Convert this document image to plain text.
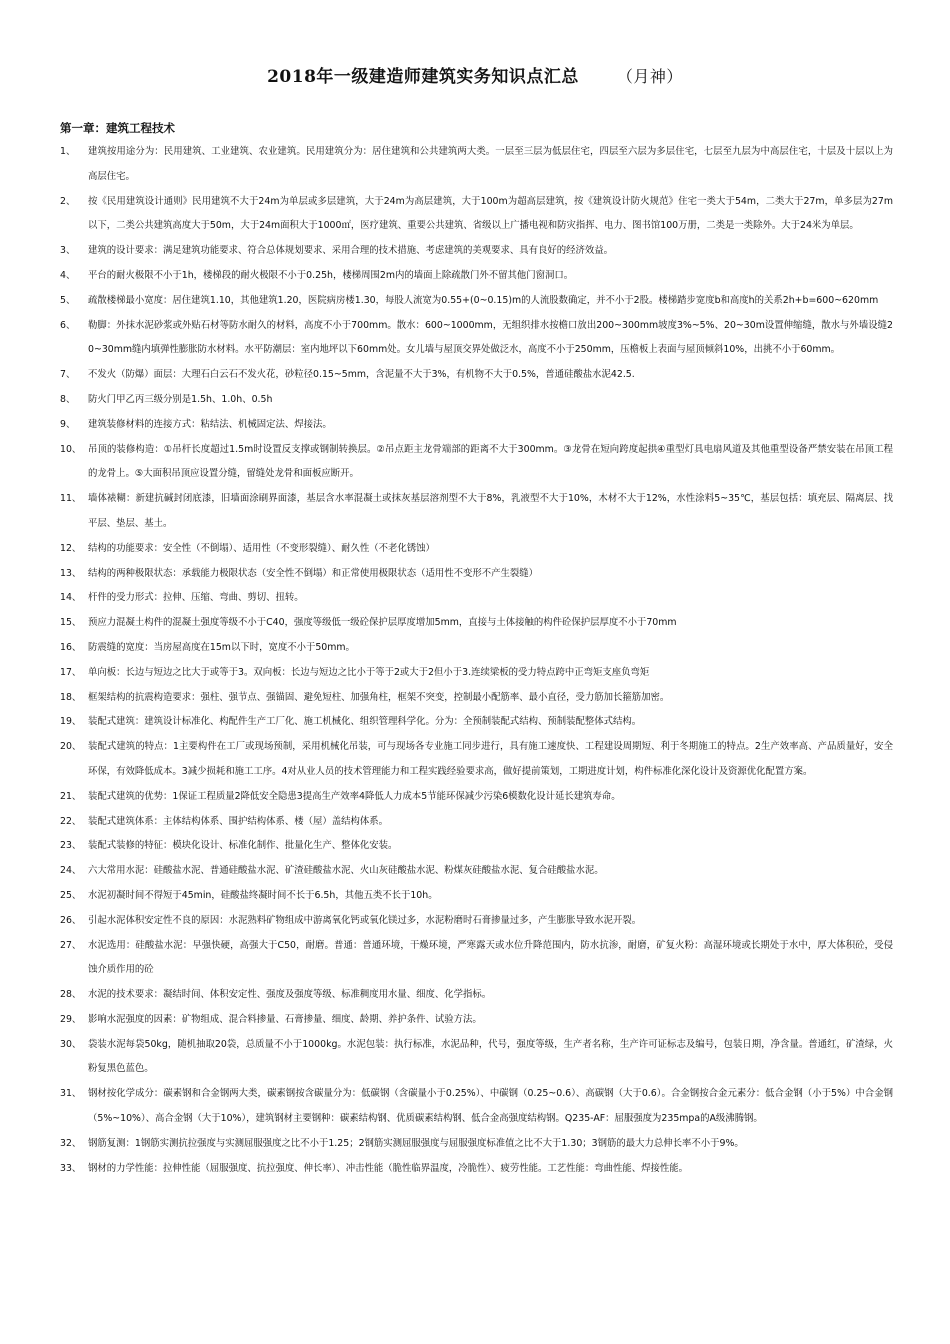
2018年一级建造师建筑实务知识点汇总 （月神）
第一章：建筑工程技术
1、	建筑按用途分为：民用建筑、工业建筑、农业建筑。民用建筑分为：居住建筑和公共建筑两大类。一层至三层为低层住宅，四层至六层为多层住宅，七层至九层为中高层住宅，十层及十层以上为高层住宅。
2、	按《民用建筑设计通则》民用建筑不大于24m为单层或多层建筑，大于24m为高层建筑，大于100m为超高层建筑，按《建筑设计防火规范》住宅一类大于54m，二类大于27m，单多层为27m以下，二类公共建筑高度大于50m，大于24m面积大于1000㎡，医疗建筑、重要公共建筑、省级以上广播电视和防灾指挥、电力、图书馆100万册，二类是一类除外。大于24米为单层。
3、	建筑的设计要求：满足建筑功能要求、符合总体规划要求、采用合理的技术措施、考虑建筑的美观要求、具有良好的经济效益。
4、	平台的耐火极限不小于1h，楼梯段的耐火极限不小于0.25h，楼梯周围2m内的墙面上除疏散门外不留其他门窗洞口。
5、	疏散楼梯最小宽度：居住建筑1.10，其他建筑1.20，医院病房楼1.30，每股人流宽为0.55+(0~0.15)m的人流股数确定，并不小于2股。楼梯踏步宽度b和高度h的关系2h+b=600~620mm
6、	勒脚：外抹水泥砂浆或外贴石材等防水耐久的材料，高度不小于700mm。散水：600~1000mm，无组织排水按檐口放出200~300mm坡度3%~5%、20~30m设置伸缩缝，散水与外墙设缝20~30mm缝内填弹性膨胀防水材料。水平防潮层：室内地坪以下60mm处。女儿墙与屋顶交界处做泛水，高度不小于250mm，压檐板上表面与屋顶倾斜10%，出挑不小于60mm。
7、	不发火（防爆）面层：大理石白云石不发火花，砂粒径0.15~5mm，含泥量不大于3%，有机物不大于0.5%，普通硅酸盐水泥42.5.
8、	防火门甲乙丙三级分别是1.5h、1.0h、0.5h
9、	建筑装修材料的连接方式：粘结法、机械固定法、焊接法。
10、 吊顶的装修构造：①吊杆长度超过1.5m时设置反支撑或钢制转换层。②吊点距主龙骨端部的距离不大于300mm。③龙骨在短向跨度起拱④重型灯具电扇风道及其他重型设备严禁安装在吊顶工程的龙骨上。⑤大面积吊顶应设置分缝，留缝处龙骨和面板应断开。
11、 墙体裱糊：新建抗碱封闭底漆，旧墙面涂刷界面漆，基层含水率混凝土或抹灰基层溶剂型不大于8%，乳液型不大于10%，木材不大于12%，水性涂料5~35℃，基层包括：填充层、隔离层、找平层、垫层、基土。
12、 结构的功能要求：安全性（不倒塌）、适用性（不变形裂缝）、耐久性（不老化锈蚀）
13、 结构的两种极限状态：承载能力极限状态（安全性不倒塌）和正常使用极限状态（适用性不变形不产生裂缝）
14、 杆件的受力形式：拉伸、压缩、弯曲、剪切、扭转。
15、 预应力混凝土构件的混凝土强度等级不小于C40，强度等级低一级砼保护层厚度增加5mm，直接与土体接触的构件砼保护层厚度不小于70mm
16、 防震缝的宽度：当房屋高度在15m以下时，宽度不小于50mm。
17、 单向板：长边与短边之比大于或等于3。双向板：长边与短边之比小于等于2或大于2但小于3.连续梁板的受力特点跨中正弯矩支座负弯矩
18、 框架结构的抗震构造要求：强柱、强节点、强锚固、避免短柱、加强角柱，框架不突变，控制最小配筋率、最小直径，受力筋加长箍筋加密。
19、 装配式建筑：建筑设计标准化、构配件生产工厂化、施工机械化、组织管理科学化。分为：全预制装配式结构、预制装配整体式结构。
20、 装配式建筑的特点：1主要构件在工厂或现场预制，采用机械化吊装，可与现场各专业施工同步进行，具有施工速度快、工程建设周期短、利于冬期施工的特点。2生产效率高、产品质量好，安全环保，有效降低成本。3减少损耗和施工工序。4对从业人员的技术管理能力和工程实践经验要求高，做好提前策划，工期进度计划，构件标准化深化设计及资源优化配置方案。
21、 装配式建筑的优势：1保证工程质量2降低安全隐患3提高生产效率4降低人力成本5节能环保减少污染6模数化设计延长建筑寿命。
22、 装配式建筑体系：主体结构体系、围护结构体系、楼（屋）盖结构体系。
23、 装配式装修的特征：模块化设计、标准化制作、批量化生产、整体化安装。
24、 六大常用水泥：硅酸盐水泥、普通硅酸盐水泥、矿渣硅酸盐水泥、火山灰硅酸盐水泥、粉煤灰硅酸盐水泥、复合硅酸盐水泥。
25、 水泥初凝时间不得短于45min，硅酸盐终凝时间不长于6.5h，其他五类不长于10h。
26、 引起水泥体积安定性不良的原因：水泥熟料矿物组成中游离氧化钙或氧化镁过多，水泥粉磨时石膏掺量过多，产生膨胀导致水泥开裂。
27、 水泥选用：硅酸盐水泥：早强快硬，高强大于C50，耐磨。普通：普通环境，干燥环境，严寒露天或水位升降范围内，防水抗渗，耐磨，矿复火粉：高湿环境或长期处于水中，厚大体积砼，受侵蚀介质作用的砼
28、 水泥的技术要求：凝结时间、体积安定性、强度及强度等级、标准稠度用水量、细度、化学指标。
29、 影响水泥强度的因素：矿物组成、混合料掺量、石膏掺量、细度、龄期、养护条件、试验方法。
30、 袋装水泥每袋50kg，随机抽取20袋，总质量不小于1000kg。水泥包装：执行标准，水泥品种，代号，强度等级，生产者名称，生产许可证标志及编号，包装日期，净含量。普通红，矿渣绿，火粉复黑色蓝色。
31、 钢材按化学成分：碳素钢和合金钢两大类，碳素钢按含碳量分为：低碳钢（含碳量小于0.25%）、中碳钢（0.25~0.6）、高碳钢（大于0.6）。合金钢按合金元素分：低合金钢（小于5%）中合金钢（5%~10%）、高合金钢（大于10%），建筑钢材主要钢种：碳素结构钢、优质碳素结构钢、低合金高强度结构钢。Q235-AF：屈服强度为235mpa的A级沸腾钢。
32、 钢筋复测：1钢筋实测抗拉强度与实测屈服强度之比不小于1.25；2钢筋实测屈服强度与屈服强度标准值之比不大于1.30；3钢筋的最大力总伸长率不小于9%。
33、 钢材的力学性能：拉伸性能（屈服强度、抗拉强度、伸长率）、冲击性能（脆性临界温度，冷脆性）、疲劳性能。工艺性能：弯曲性能、焊接性能。
